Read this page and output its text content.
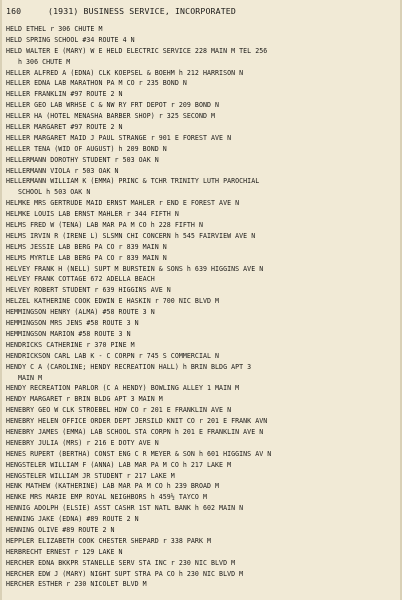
160	(1931) BUSINESS SERVICE, INCORPORATED
HELD ETHEL r 306 CHUTE M
HELD SPRING SCHOOL #34 ROUTE 4 N
HELD WALTER E (MARY) W E HELD ELECTRIC SERVICE 228 MAIN M TEL 256
h 306 CHUTE M
HELLER ALFRED A (EDNA) CLK KOEPSEL & BOEHM h 212 HARRISON N
HELLER EDNA LAB MARATHON PA M CO r 235 BOND N
HELLER FRANKLIN #97 ROUTE 2 N
HELLER GEO LAB WRHSE C & NW RY FRT DEPOT r 209 BOND N
HELLER HA (HOTEL MENASHA BARBER SHOP) r 325 SECOND M
HELLER MARGARET #97 ROUTE 2 N
HELLER MARGARET MAID J PAUL STRANGE r 901 E FOREST AVE N
HELLER TENA (WID OF AUGUST) h 209 BOND N
HELLERMANN DOROTHY STUDENT r 503 OAK N
HELLERMANN VIOLA r 503 OAK N
HELLERMANN WILLIAM K (EMMA) PRINC & TCHR TRINITY LUTH PAROCHIAL
SCHOOL h 503 OAK N
HELMKE MRS GERTRUDE MAID ERNST MAHLER r END E FOREST AVE N
HELMKE LOUIS LAB ERNST MAHLER r 344 FIFTH N
HELMS FRED W (TENA) LAB MAR PA M CO h 228 FIFTH N
HELMS IRVIN R (IRENE L) SLSMN CHI CONCERN h 545 FAIRVIEW AVE N
HELMS JESSIE LAB BERG PA CO r 839 MAIN N
HELMS MYRTLE LAB BERG PA CO r 839 MAIN N
HELVEY FRANK H (NELL) SUPT M BURSTEIN & SONS h 639 HIGGINS AVE N
HELVEY FRANK COTTAGE 672 ADELLA BEACH
HELVEY ROBERT STUDENT r 639 HIGGINS AVE N
HELZEL KATHERINE COOK EDWIN E HASKIN r 700 NIC BLVD M
HEMMINGSON HENRY (ALMA) #58 ROUTE 3 N
HEMMINGSON MRS JENS #58 ROUTE 3 N
HEMMINGSON MARION #58 ROUTE 3 N
HENDRICKS CATHERINE r 370 PINE M
HENDRICKSON CARL LAB K - C CORPN r 745 S COMMERCIAL N
HENDY C A (CAROLINE; HENDY RECREATION HALL) h BRIN BLDG APT 3
MAIN M
HENDY RECREATION PARLOR (C A HENDY) BOWLING ALLEY 1 MAIN M
HENDY MARGARET r BRIN BLDG APT 3 MAIN M
HENEBRY GEO W CLK STROEBEL HDW CO r 201 E FRANKLIN AVE N
HENEBRY HELEN OFFICE ORDER DEPT JERSILD KNIT CO r 201 E FRANK AVN
HENEBRY JAMES (EMMA) LAB SCHOOL STA CORPN h 201 E FRANKLIN AVE N
HENEBRY JULIA (MRS) r 216 E DOTY AVE N
HENES RUPERT (BERTHA) CONST ENG C R MEYER & SON h 601 HIGGINS AV N
HENGSTELER WILLIAM F (ANNA) LAB MAR PA M CO h 217 LAKE M
HENGSTELER WILLIAM JR STUDENT r 217 LAKE M
HENK MATHEW (KATHERINE) LAB MAR PA M CO h 239 BROAD M
HENKE MRS MARIE EMP ROYAL NEIGHBORS h 459½ TAYCO M
HENNIG ADOLPH (ELSIE) ASST CASHR 1ST NATL BANK h 602 MAIN N
HENNING JAKE (EDNA) #89 ROUTE 2 N
HENNING OLIVE #89 ROUTE 2 N
HEPPLER ELIZABETH COOK CHESTER SHEPARD r 338 PARK M
HERBRECHT ERNEST r 129 LAKE N
HERCHER EDNA BKKPR STANELLE SERV STA INC r 230 NIC BLVD M
HERCHER EDW J (MARY) NIGHT SUPT STRA PA CO h 230 NIC BLVD M
HERCHER ESTHER r 230 NICOLET BLVD M
